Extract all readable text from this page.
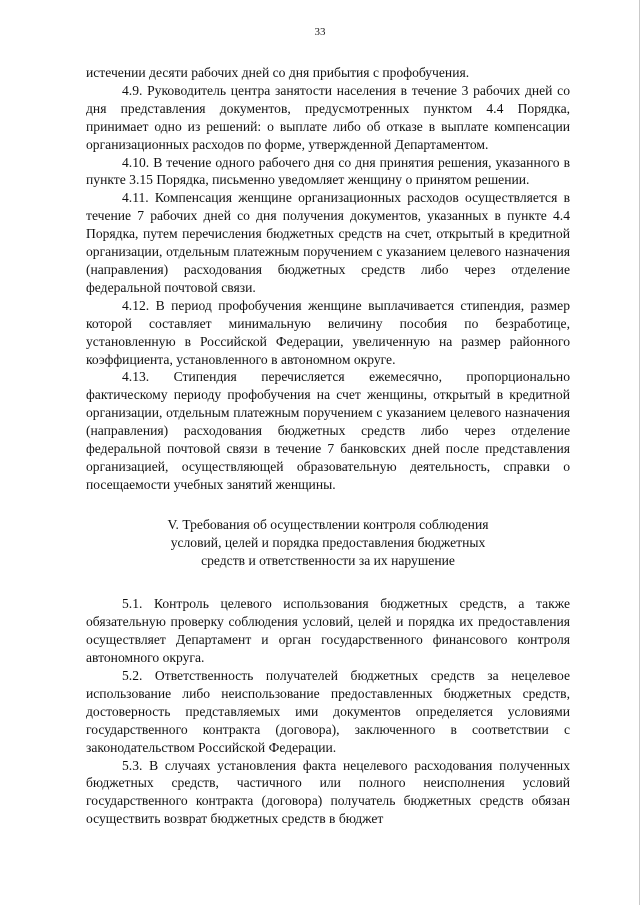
33

истечении десяти рабочих дней со дня прибытия с профобучения.

4.9. Руководитель центра занятости населения в течение 3 рабочих дней со дня представления документов, предусмотренных пунктом 4.4 Порядка, принимает одно из решений: о выплате либо об отказе в выплате компенсации организационных расходов по форме, утвержденной Департаментом.

4.10. В течение одного рабочего дня со дня принятия решения, указанного в пункте 3.15 Порядка, письменно уведомляет женщину о принятом решении.

4.11. Компенсация женщине организационных расходов осуществляется в течение 7 рабочих дней со дня получения документов, указанных в пункте 4.4 Порядка, путем перечисления бюджетных средств на счет, открытый в кредитной организации, отдельным платежным поручением с указанием целевого назначения (направления) расходования бюджетных средств либо через отделение федеральной почтовой связи.

4.12. В период профобучения женщине выплачивается стипендия, размер которой составляет минимальную величину пособия по безработице, установленную в Российской Федерации, увеличенную на размер районного коэффициента, установленного в автономном округе.

4.13. Стипендия перечисляется ежемесячно, пропорционально фактическому периоду профобучения на счет женщины, открытый в кредитной организации, отдельным платежным поручением с указанием целевого назначения (направления) расходования бюджетных средств либо через отделение федеральной почтовой связи в течение 7 банковских дней после представления организацией, осуществляющей образовательную деятельность, справки о посещаемости учебных занятий женщины.

V. Требования об осуществлении контроля соблюдения
условий, целей и порядка предоставления бюджетных
средств и ответственности за их нарушение

5.1. Контроль целевого использования бюджетных средств, а также обязательную проверку соблюдения условий, целей и порядка их предоставления осуществляет Департамент и орган государственного финансового контроля автономного округа.

5.2. Ответственность получателей бюджетных средств за нецелевое использование либо неиспользование предоставленных бюджетных средств, достоверность представляемых ими документов определяется условиями государственного контракта (договора), заключенного в соответствии с законодательством Российской Федерации.

5.3. В случаях установления факта нецелевого расходования полученных бюджетных средств, частичного или полного неисполнения условий государственного контракта (договора) получатель бюджетных средств обязан осуществить возврат бюджетных средств в бюджет
